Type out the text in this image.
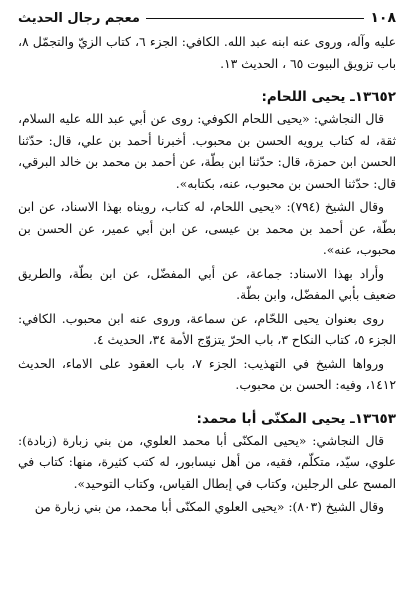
١٠٨
معجم رجال الحديث

عليه وآله، وروى عنه ابنه عبد الله. الكافي: الجزء ٦، كتاب الزيّ والتجمّل ٨، باب تزويق البيوت ٦٥ ، الحديث ١٣.

١٣٦٥٢ـ يحيى اللحام:

قال النجاشي: «يحيى اللحام الكوفي: روى عن أبي عبد الله عليه السلام، ثقة، له كتاب يرويه الحسن بن محبوب. أخبرنا أحمد بن علي، قال: حدّثنا الحسن ابن حمزة، قال: حدّثنا ابن بطّة، عن أحمد بن محمد بن خالد البرقي، قال: حدّثنا الحسن بن محبوب، عنه، بكتابه».

وقال الشيخ (٧٩٤): «يحيى اللحام، له كتاب، رويناه بهذا الاسناد، عن ابن بطّة، عن أحمد بن محمد بن عيسى، عن ابن أبي عمير، عن الحسن بن محبوب، عنه».

وأراد بهذا الاسناد: جماعة، عن أبي المفضّل، عن ابن بطّة، والطريق ضعيف بأبي المفضّل، وابن بطّة.

روى بعنوان يحيى اللحّام، عن سماعة، وروى عنه ابن محبوب. الكافي: الجزء ٥، كتاب النكاح ٣، باب الحرّ يتزوّج الأمة ٣٤، الحديث ٤.

ورواها الشيخ في التهذيب: الجزء ٧، باب العقود على الاماء، الحديث ١٤١٢، وفيه: الحسن بن محبوب.

١٣٦٥٣ـ يحيى المكنّى أبا محمد:

قال النجاشي: «يحيى المكنّى أبا محمد العلوي، من بني زبارة (زبادة): علوي، سيّد، متكلّم، فقيه، من أهل نيسابور، له كتب كثيرة، منها: كتاب في المسح على الرجلين، وكتاب في إبطال القياس، وكتاب التوحيد».

وقال الشيخ (٨٠٣): «يحيى العلوي المكنّى أبا محمد، من بني زبارة من
